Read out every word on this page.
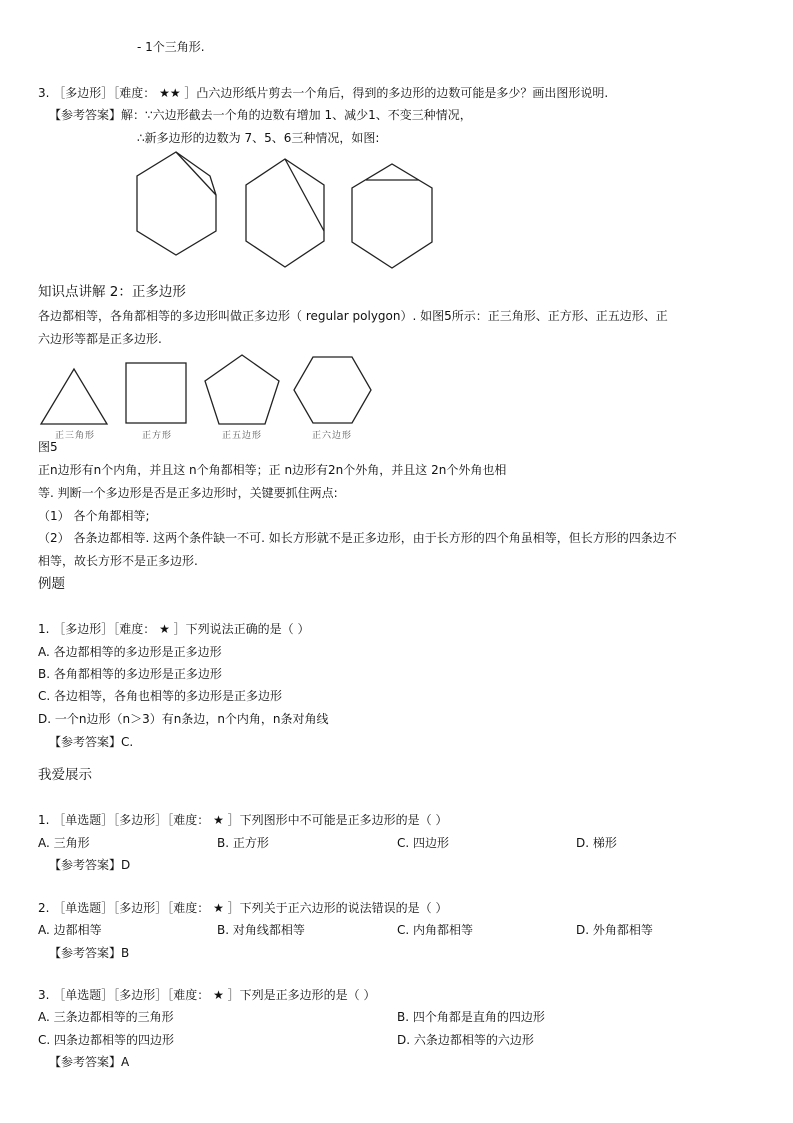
- 1个三角形.
3. ［多边形］［难度： ★★ ］凸六边形纸片剪去一个角后，得到的多边形的边数可能是多少？画出图形说明.
【参考答案】解：∵六边形截去一个角的边数有增加 1、减少1、不变三种情况，
∴新多边形的边数为 7、5、6三种情况，如图:
知识点讲解 2：正多边形
各边都相等，各角都相等的多边形叫做正多边形（ regular polygon）. 如图5所示：正三角形、正方形、正五边形、正
六边形等都是正多边形.
正三角形	正方形	正五边形	正六边形
图5
正n边形有n个内角，并且这 n个角都相等；正 n边形有2n个外角，并且这 2n个外角也相
等. 判断一个多边形是否是正多边形时，关键要抓住两点:
（1） 各个角都相等;
（2） 各条边都相等. 这两个条件缺一不可. 如长方形就不是正多边形，由于长方形的四个角虽相等，但长方形的四条边不
相等，故长方形不是正多边形.
例题
1. ［多边形］［难度： ★ ］下列说法正确的是（ ）
A. 各边都相等的多边形是正多边形
B. 各角都相等的多边形是正多边形
C. 各边相等，各角也相等的多边形是正多边形
D. 一个n边形（n＞3）有n条边，n个内角，n条对角线
【参考答案】C.
我爱展示
1. ［单选题］［多边形］［难度： ★ ］下列图形中不可能是正多边形的是（ ）
A. 三角形	B. 正方形	C. 四边形	D. 梯形
【参考答案】D
2. ［单选题］［多边形］［难度： ★ ］下列关于正六边形的说法错误的是（ ）
A. 边都相等	B. 对角线都相等	C. 内角都相等	D. 外角都相等
【参考答案】B
3. ［单选题］［多边形］［难度： ★ ］下列是正多边形的是（ ）
A. 三条边都相等的三角形	B. 四个角都是直角的四边形
C. 四条边都相等的四边形	D. 六条边都相等的六边形
【参考答案】A
